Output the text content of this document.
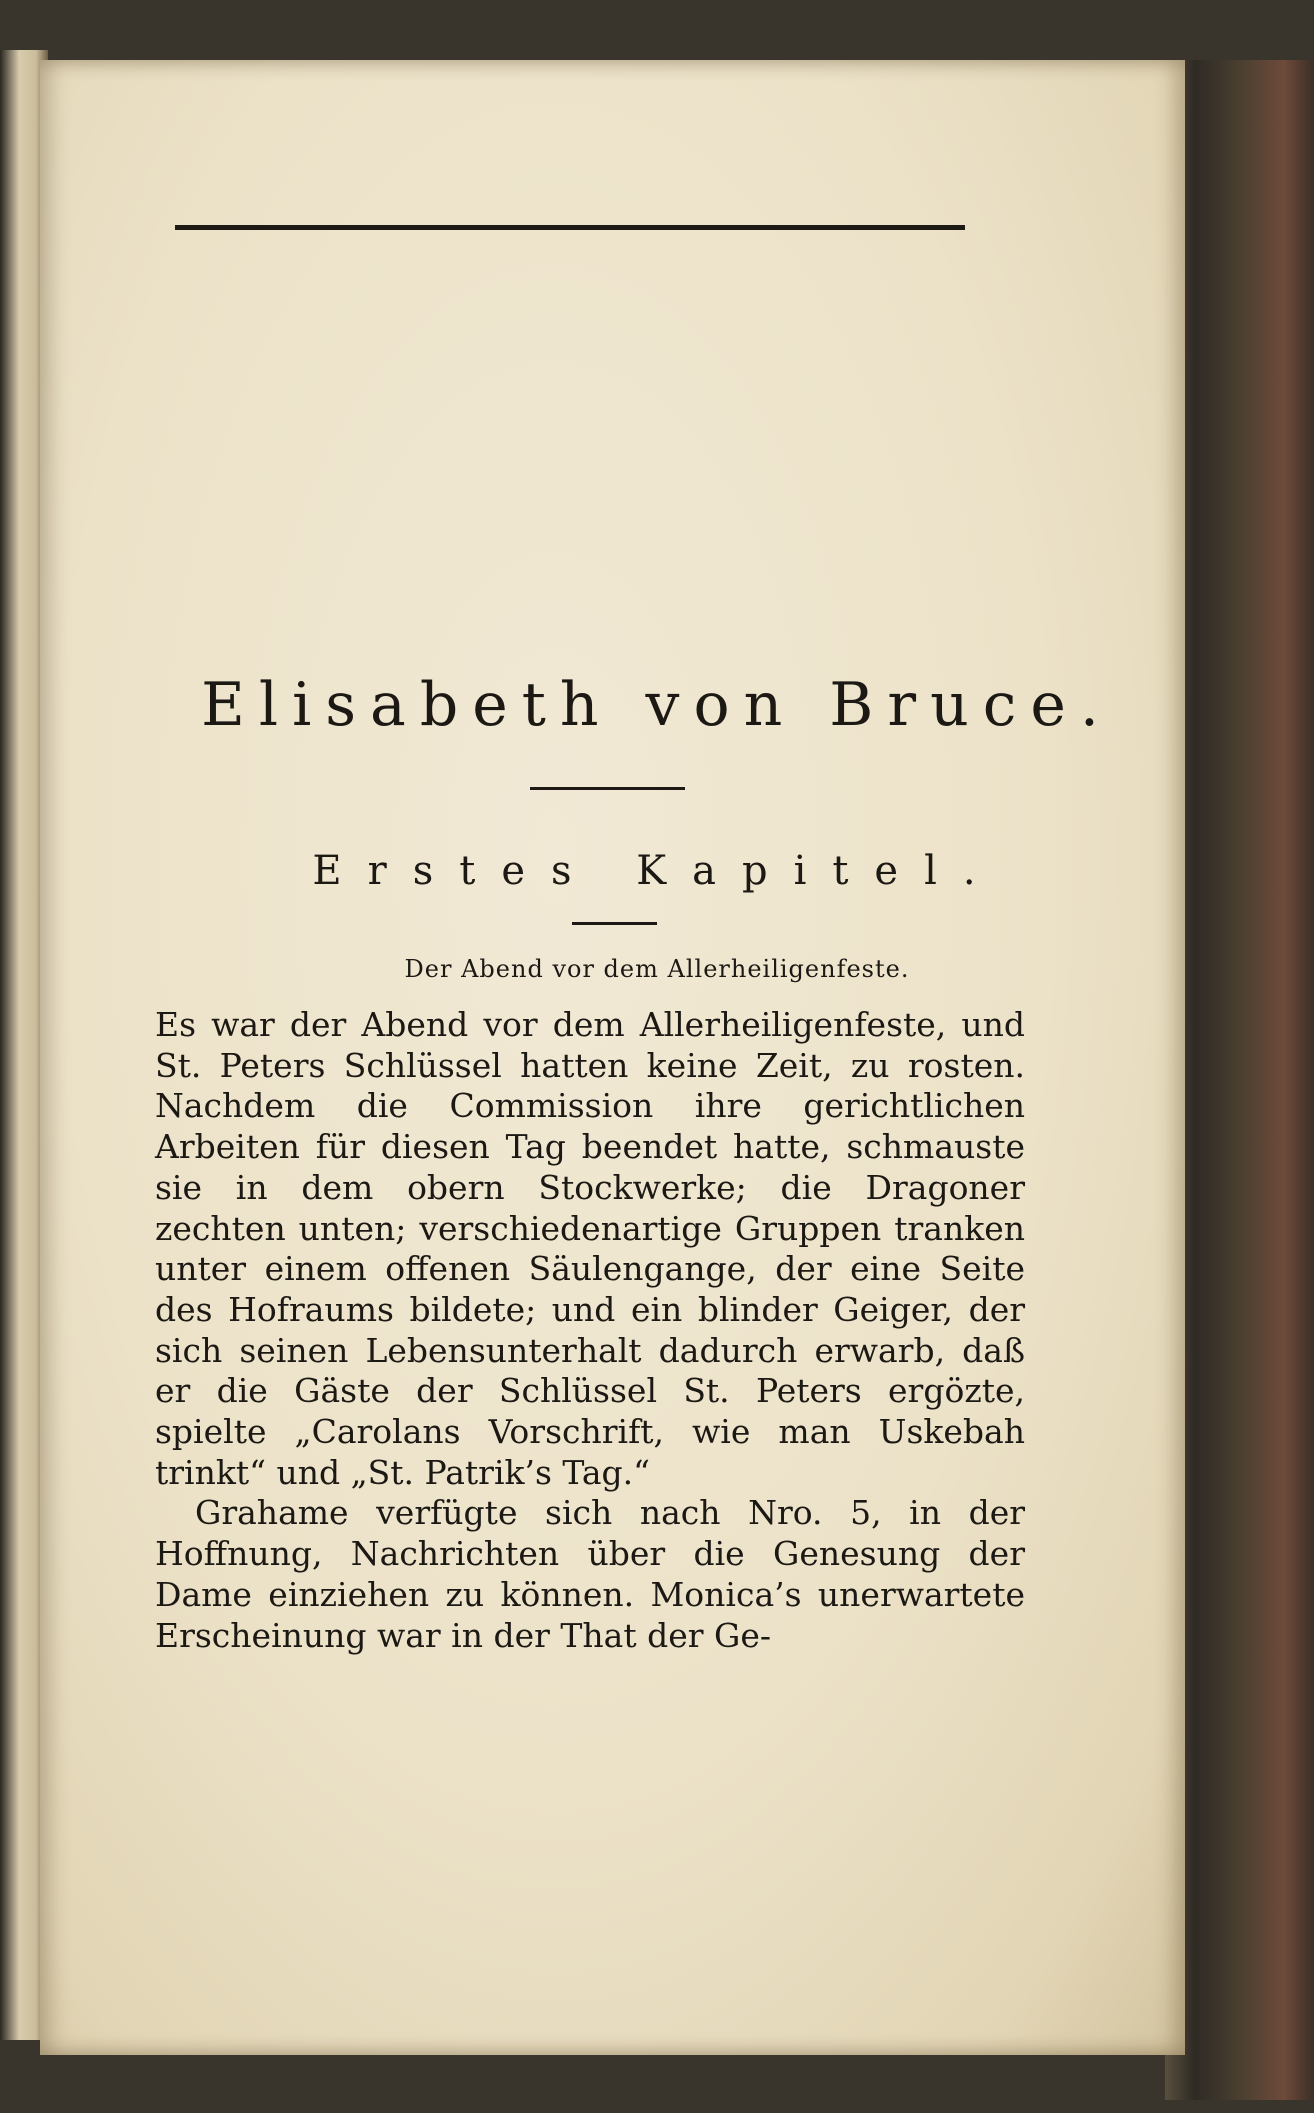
Elisabeth von Bruce.
Erstes Kapitel.
Der Abend vor dem Allerheiligenfeste.

Es war der Abend vor dem Allerheiligenfeste, und St. Peters Schlüssel hatten keine Zeit, zu rosten. Nachdem die Commission ihre gerichtlichen Arbeiten für diesen Tag beendet hatte, schmauste sie in dem obern Stockwerke; die Dragoner zechten unten; verschiedenartige Gruppen tranken unter einem offenen Säulengange, der eine Seite des Hofraums bildete; und ein blinder Geiger, der sich seinen Lebensunterhalt dadurch erwarb, daß er die Gäste der Schlüssel St. Peters ergözte, spielte „Carolans Vorschrift, wie man Uskebah trinkt“ und „St. Patrik’s Tag.“

Grahame verfügte sich nach Nro. 5, in der Hoffnung, Nachrichten über die Genesung der Dame einziehen zu können. Monica’s unerwartete Erscheinung war in der That der Ge-
